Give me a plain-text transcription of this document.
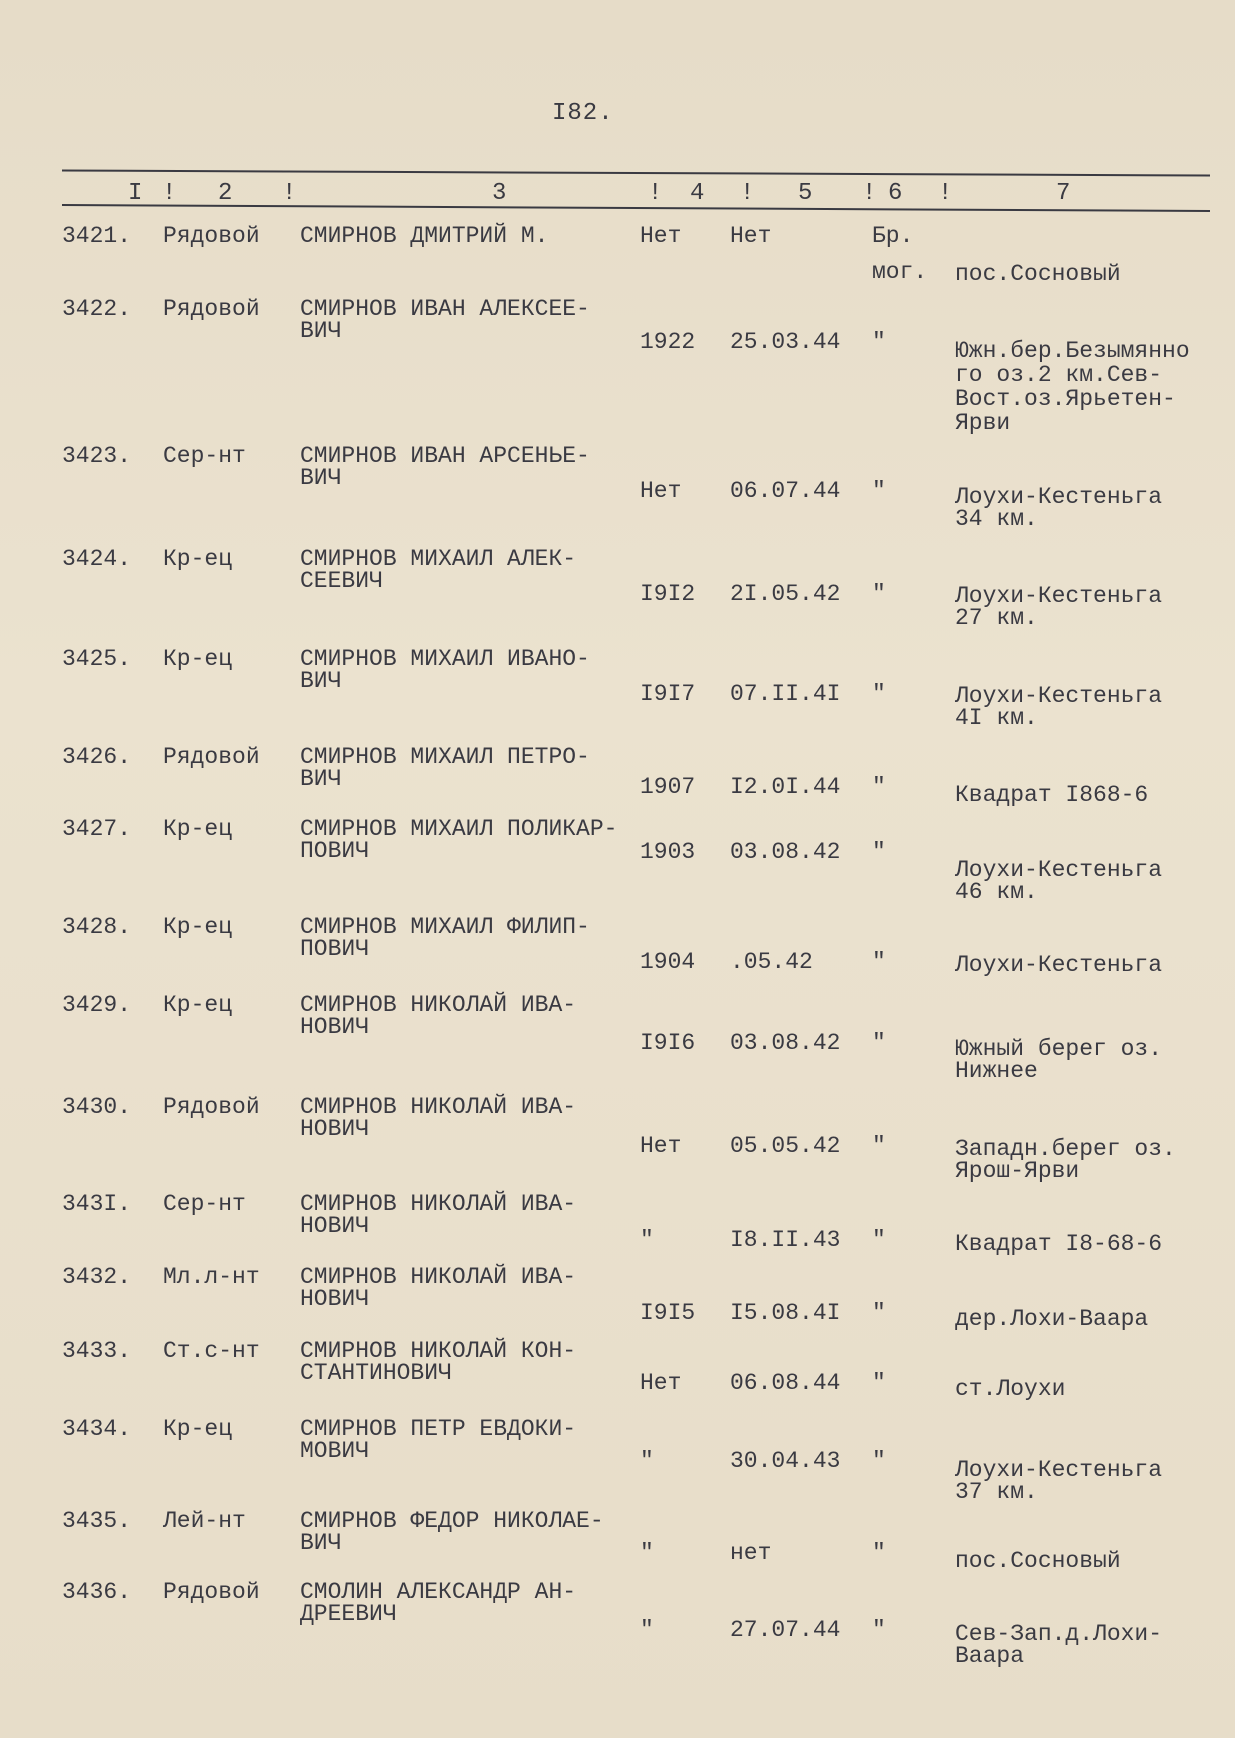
I82.
I ! 2 !	3	! 4 ! 5 ! 6 !	7
3421. Рядовой СМИРНОВ ДМИТРИЙ М.	Нет Нет	Бр.
мог. пос.Сосновый
3422. Рядовой СМИРНОВ ИВАН АЛЕКСЕЕ-
ВИЧ	1922 25.03.44 "	Южн.бер.Безымянно
го оз.2 км.Сев-
Вост.оз.Ярьетен-
Ярви
3423. Сер-нт СМИРНОВ ИВАН АРСЕНЬЕ-
ВИЧ	Нет 06.07.44 "	Лоухи-Кестеньга
34 км.
3424. Кр-ец	СМИРНОВ МИХАИЛ АЛЕК-
СЕЕВИЧ	I9I2 2I.05.42 "	Лоухи-Кестеньга
27 км.
3425. Кр-ец	СМИРНОВ МИХАИЛ ИВАНО-
ВИЧ	I9I7 07.II.4I "	Лоухи-Кестеньга
4I км.
3426. Рядовой СМИРНОВ МИХАИЛ ПЕТРО-
ВИЧ	1907 I2.0I.44 "	Квадрат I868-6
3427. Кр-ец	СМИРНОВ МИХАИЛ ПОЛИКАР-
ПОВИЧ	1903 03.08.42 "
Лоухи-Кестеньга
46 км.
3428. Кр-ец	СМИРНОВ МИХАИЛ ФИЛИП-
ПОВИЧ	1904 .05.42	"	Лоухи-Кестеньга
3429. Кр-ец	СМИРНОВ НИКОЛАЙ ИВА-
НОВИЧ
I9I6 03.08.42 "	Южный берег оз.
Нижнее
3430. Рядовой СМИРНОВ НИКОЛАЙ ИВА-
НОВИЧ
Нет 05.05.42 "	Западн.берег оз.
Ярош-Ярви
343I. Сер-нт СМИРНОВ НИКОЛАЙ ИВА-
НОВИЧ
"	I8.II.43 "	Квадрат I8-68-6
3432. Мл.л-нт СМИРНОВ НИКОЛАЙ ИВА-
НОВИЧ
I9I5 I5.08.4I "	дер.Лохи-Ваара
3433. Ст.с-нт СМИРНОВ НИКОЛАЙ КОН-
СТАНТИНОВИЧ	Нет 06.08.44 "	ст.Лоухи
3434. Кр-ец	СМИРНОВ ПЕТР ЕВДОКИ-
МОВИЧ	"	30.04.43 "	Лоухи-Кестеньга
37 км.
3435. Лей-нт СМИРНОВ ФЕДОР НИКОЛАЕ-
ВИЧ	"	нет	"	пос.Сосновый
3436. Рядовой СМОЛИН АЛЕКСАНДР АН-
ДРЕЕВИЧ
"	27.07.44 "	Сев-Зап.д.Лохи-
Ваара
